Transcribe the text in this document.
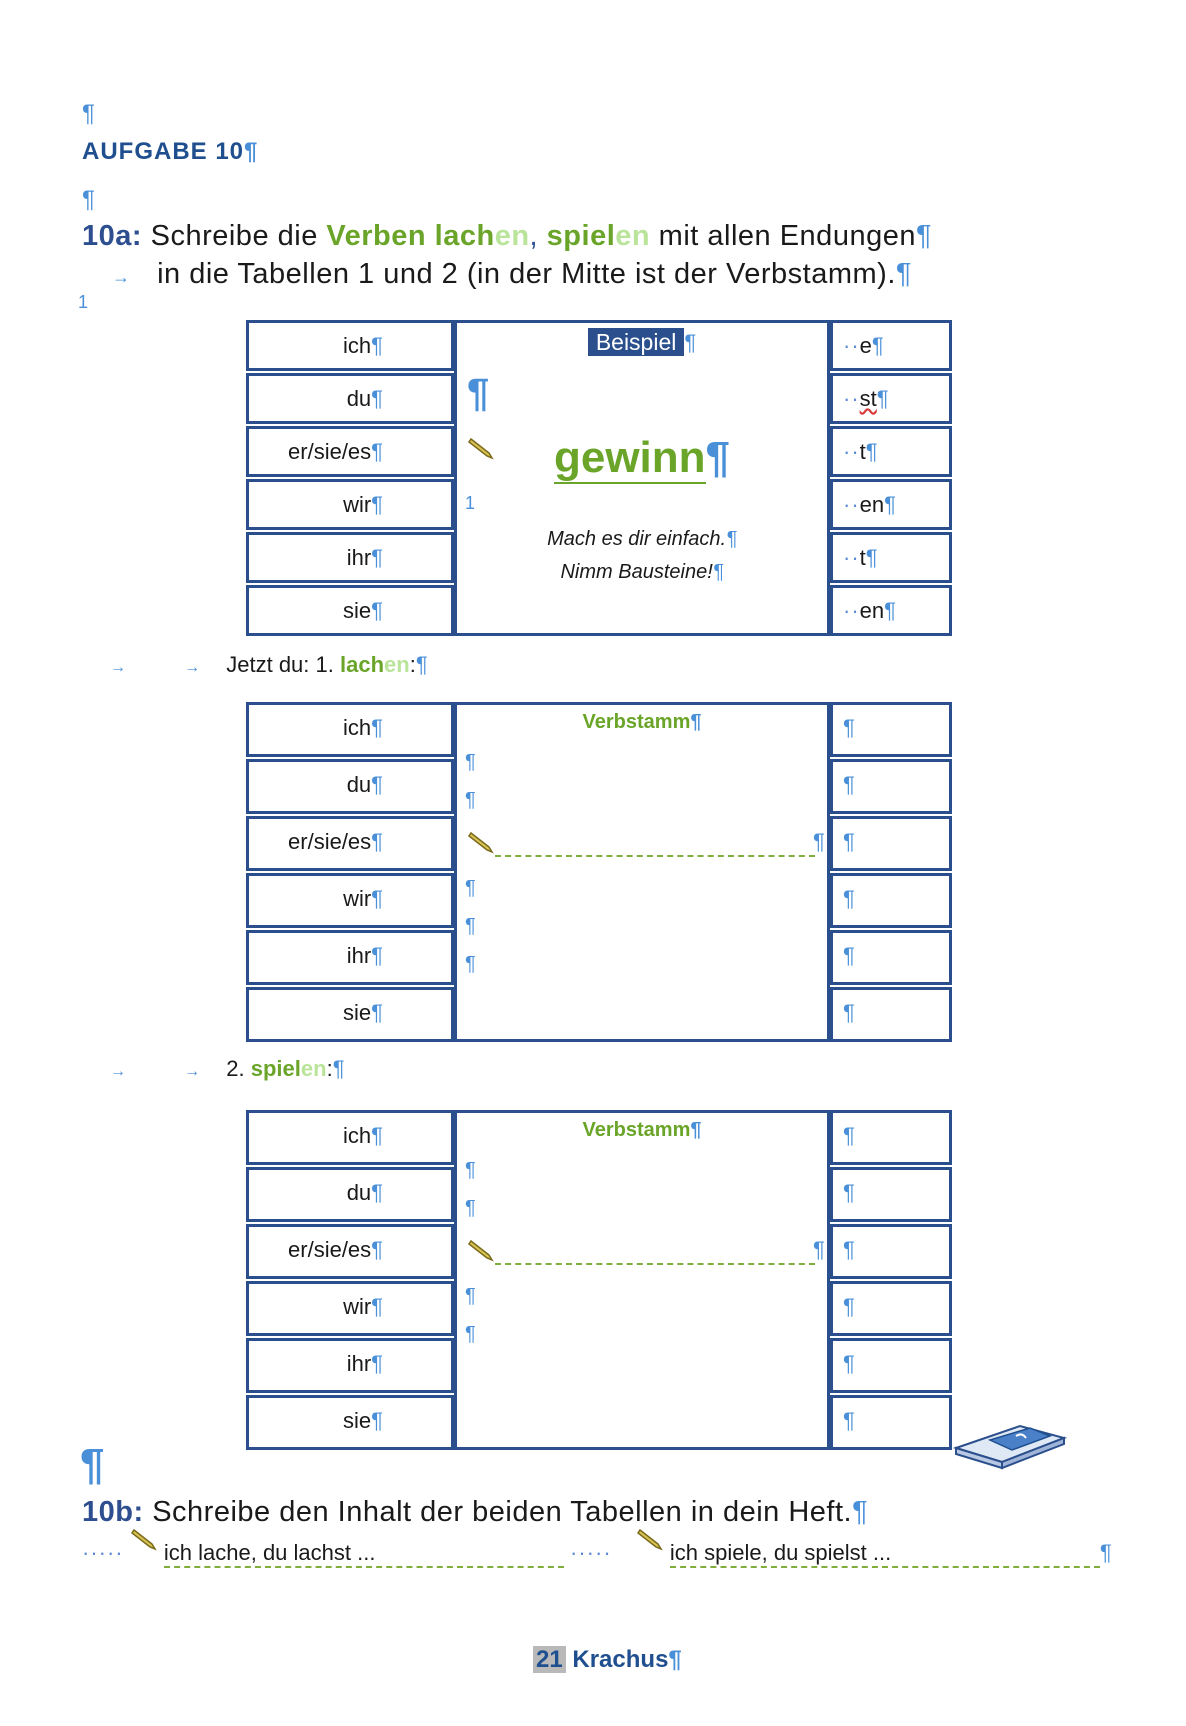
¶
AUFGABE 10¶
¶
10a: Schreibe die Verben lachen, spielen mit allen Endungen¶
→ in die Tabellen 1 und 2 (in der Mitte ist der Verbstamm).¶
1
ich¶	··e¶
du¶	··st¶
er/sie/es¶	··t¶
wir¶	··en¶
ihr¶	··t¶
sie¶	··en¶
Beispiel ¶
¶
gewinn¶
1
Mach es dir einfach.¶
Nimm Bausteine!¶
→	→ Jetzt du: 1. lachen:¶
ich¶	¶
du¶	¶
er/sie/es¶	¶
wir¶	¶
ihr¶	¶
sie¶	¶
Verbstamm¶
¶
¶
¶
¶
¶
¶
→	→ 2. spielen:¶
ich¶	¶
du¶	¶
er/sie/es¶	¶
wir¶	¶
ihr¶	¶
sie¶	¶
Verbstamm¶
¶
¶
¶
¶
¶
¶
10b: Schreibe den Inhalt der beiden Tabellen in dein Heft.¶
····· ich lache, du lachst ...	·····	ich spiele, du spielst ...	¶
21 Krachus¶
